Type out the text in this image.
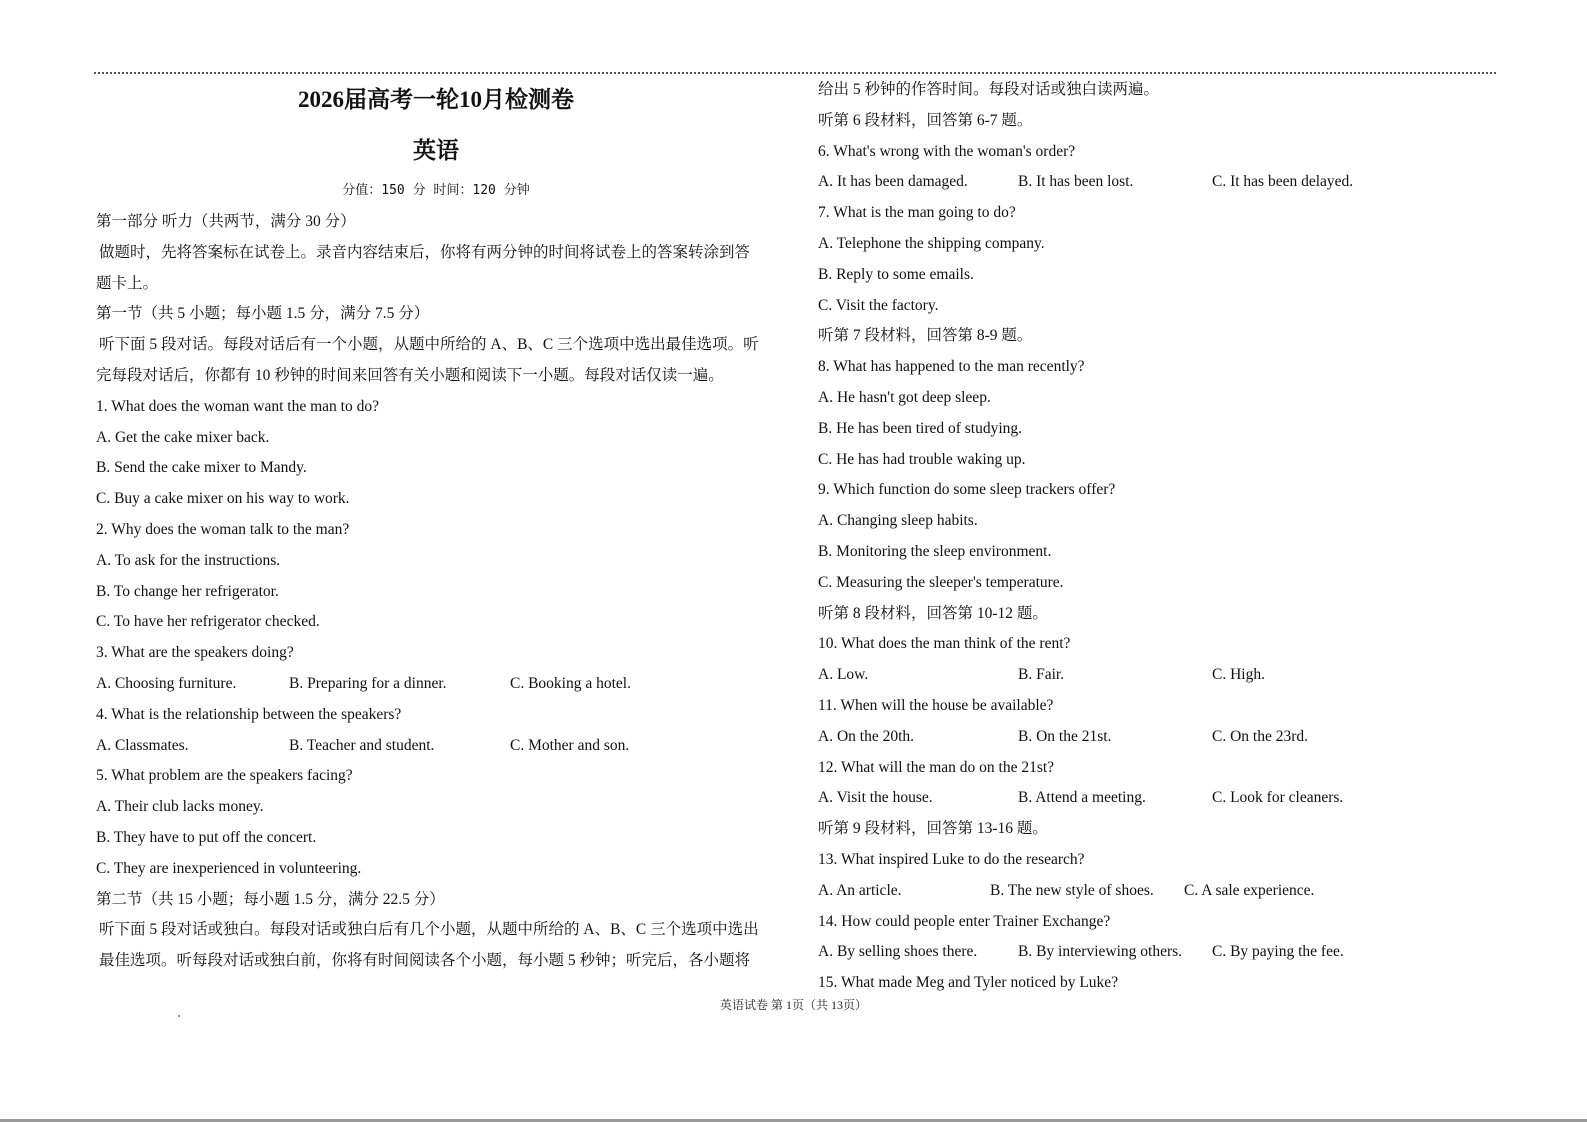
2026届高考一轮10月检测卷
英语

分值：150 分 时间：120 分钟

第一部分 听力（共两节，满分 30 分）
做题时，先将答案标在试卷上。录音内容结束后，你将有两分钟的时间将试卷上的答案转涂到答
题卡上。
第一节（共 5 小题；每小题 1.5 分，满分 7.5 分）
听下面 5 段对话。每段对话后有一个小题，从题中所给的 A、B、C 三个选项中选出最佳选项。听
完每段对话后，你都有 10 秒钟的时间来回答有关小题和阅读下一小题。每段对话仅读一遍。
1. What does the woman want the man to do?
A. Get the cake mixer back.
B. Send the cake mixer to Mandy.
C. Buy a cake mixer on his way to work.
2. Why does the woman talk to the man?
A. To ask for the instructions.
B. To change her refrigerator.
C. To have her refrigerator checked.
3. What are the speakers doing?
A. Choosing furniture.	B. Preparing for a dinner.	C. Booking a hotel.
4. What is the relationship between the speakers?
A. Classmates.	B. Teacher and student.	C. Mother and son.
5. What problem are the speakers facing?
A. Their club lacks money.
B. They have to put off the concert.
C. They are inexperienced in volunteering.
第二节（共 15 小题；每小题 1.5 分，满分 22.5 分）
听下面 5 段对话或独白。每段对话或独白后有几个小题，从题中所给的 A、B、C 三个选项中选出
最佳选项。听每段对话或独白前，你将有时间阅读各个小题，每小题 5 秒钟；听完后，各小题将
给出 5 秒钟的作答时间。每段对话或独白读两遍。
听第 6 段材料，回答第 6-7 题。
6. What's wrong with the woman's order?
A. It has been damaged.	B. It has been lost.	C. It has been delayed.
7. What is the man going to do?
A. Telephone the shipping company.
B. Reply to some emails.
C. Visit the factory.
听第 7 段材料，回答第 8-9 题。
8. What has happened to the man recently?
A. He hasn't got deep sleep.
B. He has been tired of studying.
C. He has had trouble waking up.
9. Which function do some sleep trackers offer?
A. Changing sleep habits.
B. Monitoring the sleep environment.
C. Measuring the sleeper's temperature.
听第 8 段材料，回答第 10-12 题。
10. What does the man think of the rent?
A. Low.	B. Fair.	C. High.
11. When will the house be available?
A. On the 20th.	B. On the 21st.	C. On the 23rd.
12. What will the man do on the 21st?
A. Visit the house.	B. Attend a meeting.	C. Look for cleaners.
听第 9 段材料，回答第 13-16 题。
13. What inspired Luke to do the research?
A. An article.	B. The new style of shoes.	C. A sale experience.
14. How could people enter Trainer Exchange?
A. By selling shoes there.	B. By interviewing others.	C. By paying the fee.
15. What made Meg and Tyler noticed by Luke?
英语试卷 第 1页（共 13页）
